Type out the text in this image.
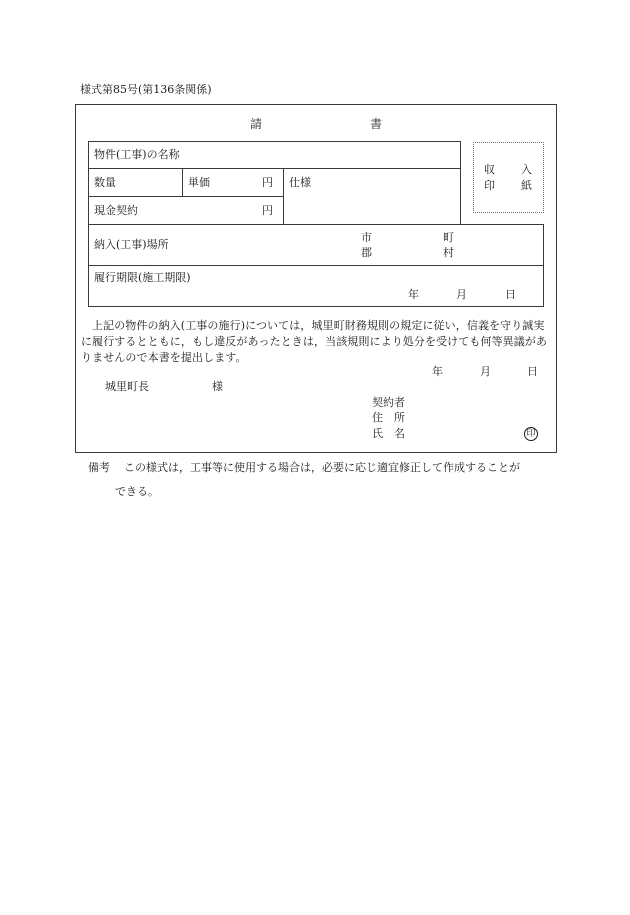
様式第85号(第136条関係)
請	書
物件(工事)の名称
数量	単価	円 仕様
現金契約	円
収 入
印 紙
納入(工事)場所
市	町
郡	村
履行期限(施工期限)
年	月	日
上記の物件の納入(工事の施行)については，城里町財務規則の規定に従い，信義を守り誠実に履行するとともに，もし違反があったときは，当該規則により処分を受けても何等異議がありませんので本書を提出します。
年	月	日
城里町長	様
契約者
住　所
氏　名	印
備考 この様式は，工事等に使用する場合は，必要に応じ適宜修正して作成することが
できる。
